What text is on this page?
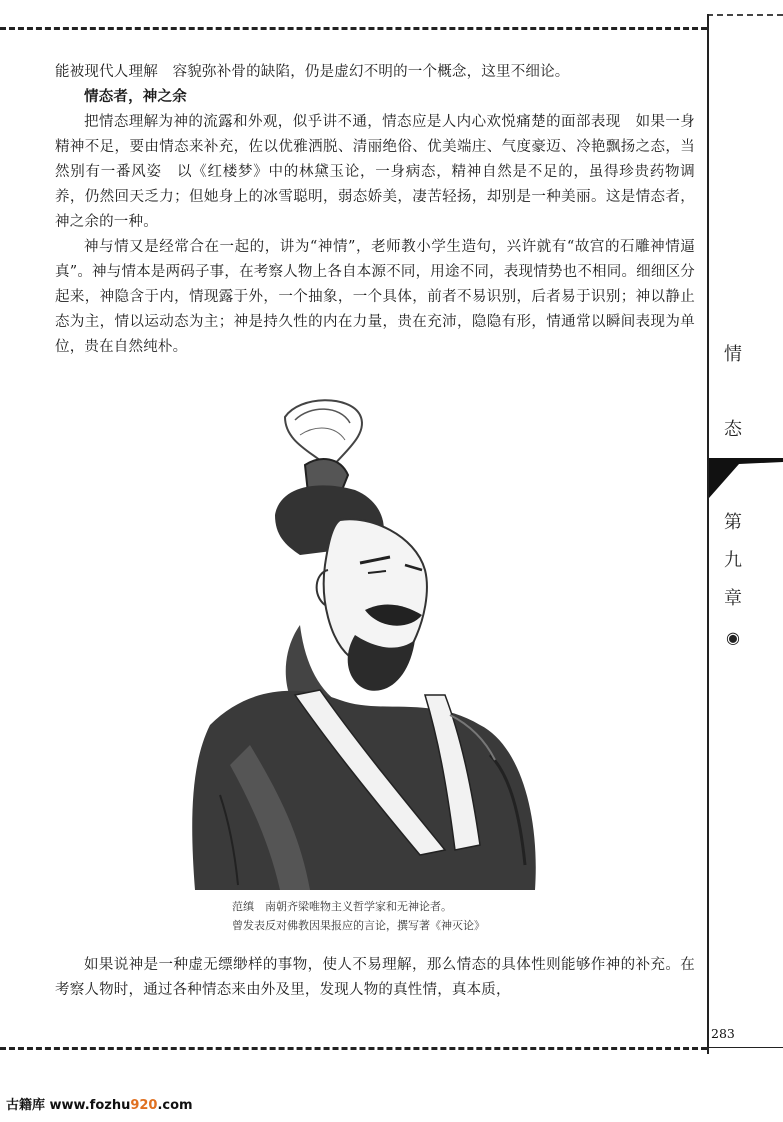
能被现代人理解　容貌弥补骨的缺陷，仍是虚幻不明的一个概念，这里不细论。

情态者，神之余

把情态理解为神的流露和外观，似乎讲不通，情态应是人内心欢悦痛楚的面部表现　如果一身精神不足，要由情态来补充，佐以优雅洒脱、清丽绝俗、优美端庄、气度豪迈、冷艳飘扬之态，当然别有一番风姿　以《红楼梦》中的林黛玉论，一身病态，精神自然是不足的，虽得珍贵药物调养，仍然回天乏力；但她身上的冰雪聪明，弱态娇美，凄苦轻扬，却别是一种美丽。这是情态者，神之余的一种。

神与情又是经常合在一起的，讲为“神情”，老师教小学生造句，兴许就有“故宫的石雕神情逼真”。神与情本是两码子事，在考察人物上各自本源不同，用途不同，表现情势也不相同。细细区分起来，神隐含于内，情现露于外，一个抽象，一个具体，前者不易识别，后者易于识别；神以静止态为主，情以运动态为主；神是持久性的内在力量，贵在充沛，隐隐有形，情通常以瞬间表现为单位，贵在自然纯朴。

范缜　南朝齐梁唯物主义哲学家和无神论者。
曾发表反对佛教因果报应的言论，撰写著《神灭论》

如果说神是一种虚无缥缈样的事物，使人不易理解，那么情态的具体性则能够作神的补充。在考察人物时，通过各种情态来由外及里，发现人物的真性情，真本质，

情
态
第
九
章
◉
283
古籍库 www.fozhu920.com
